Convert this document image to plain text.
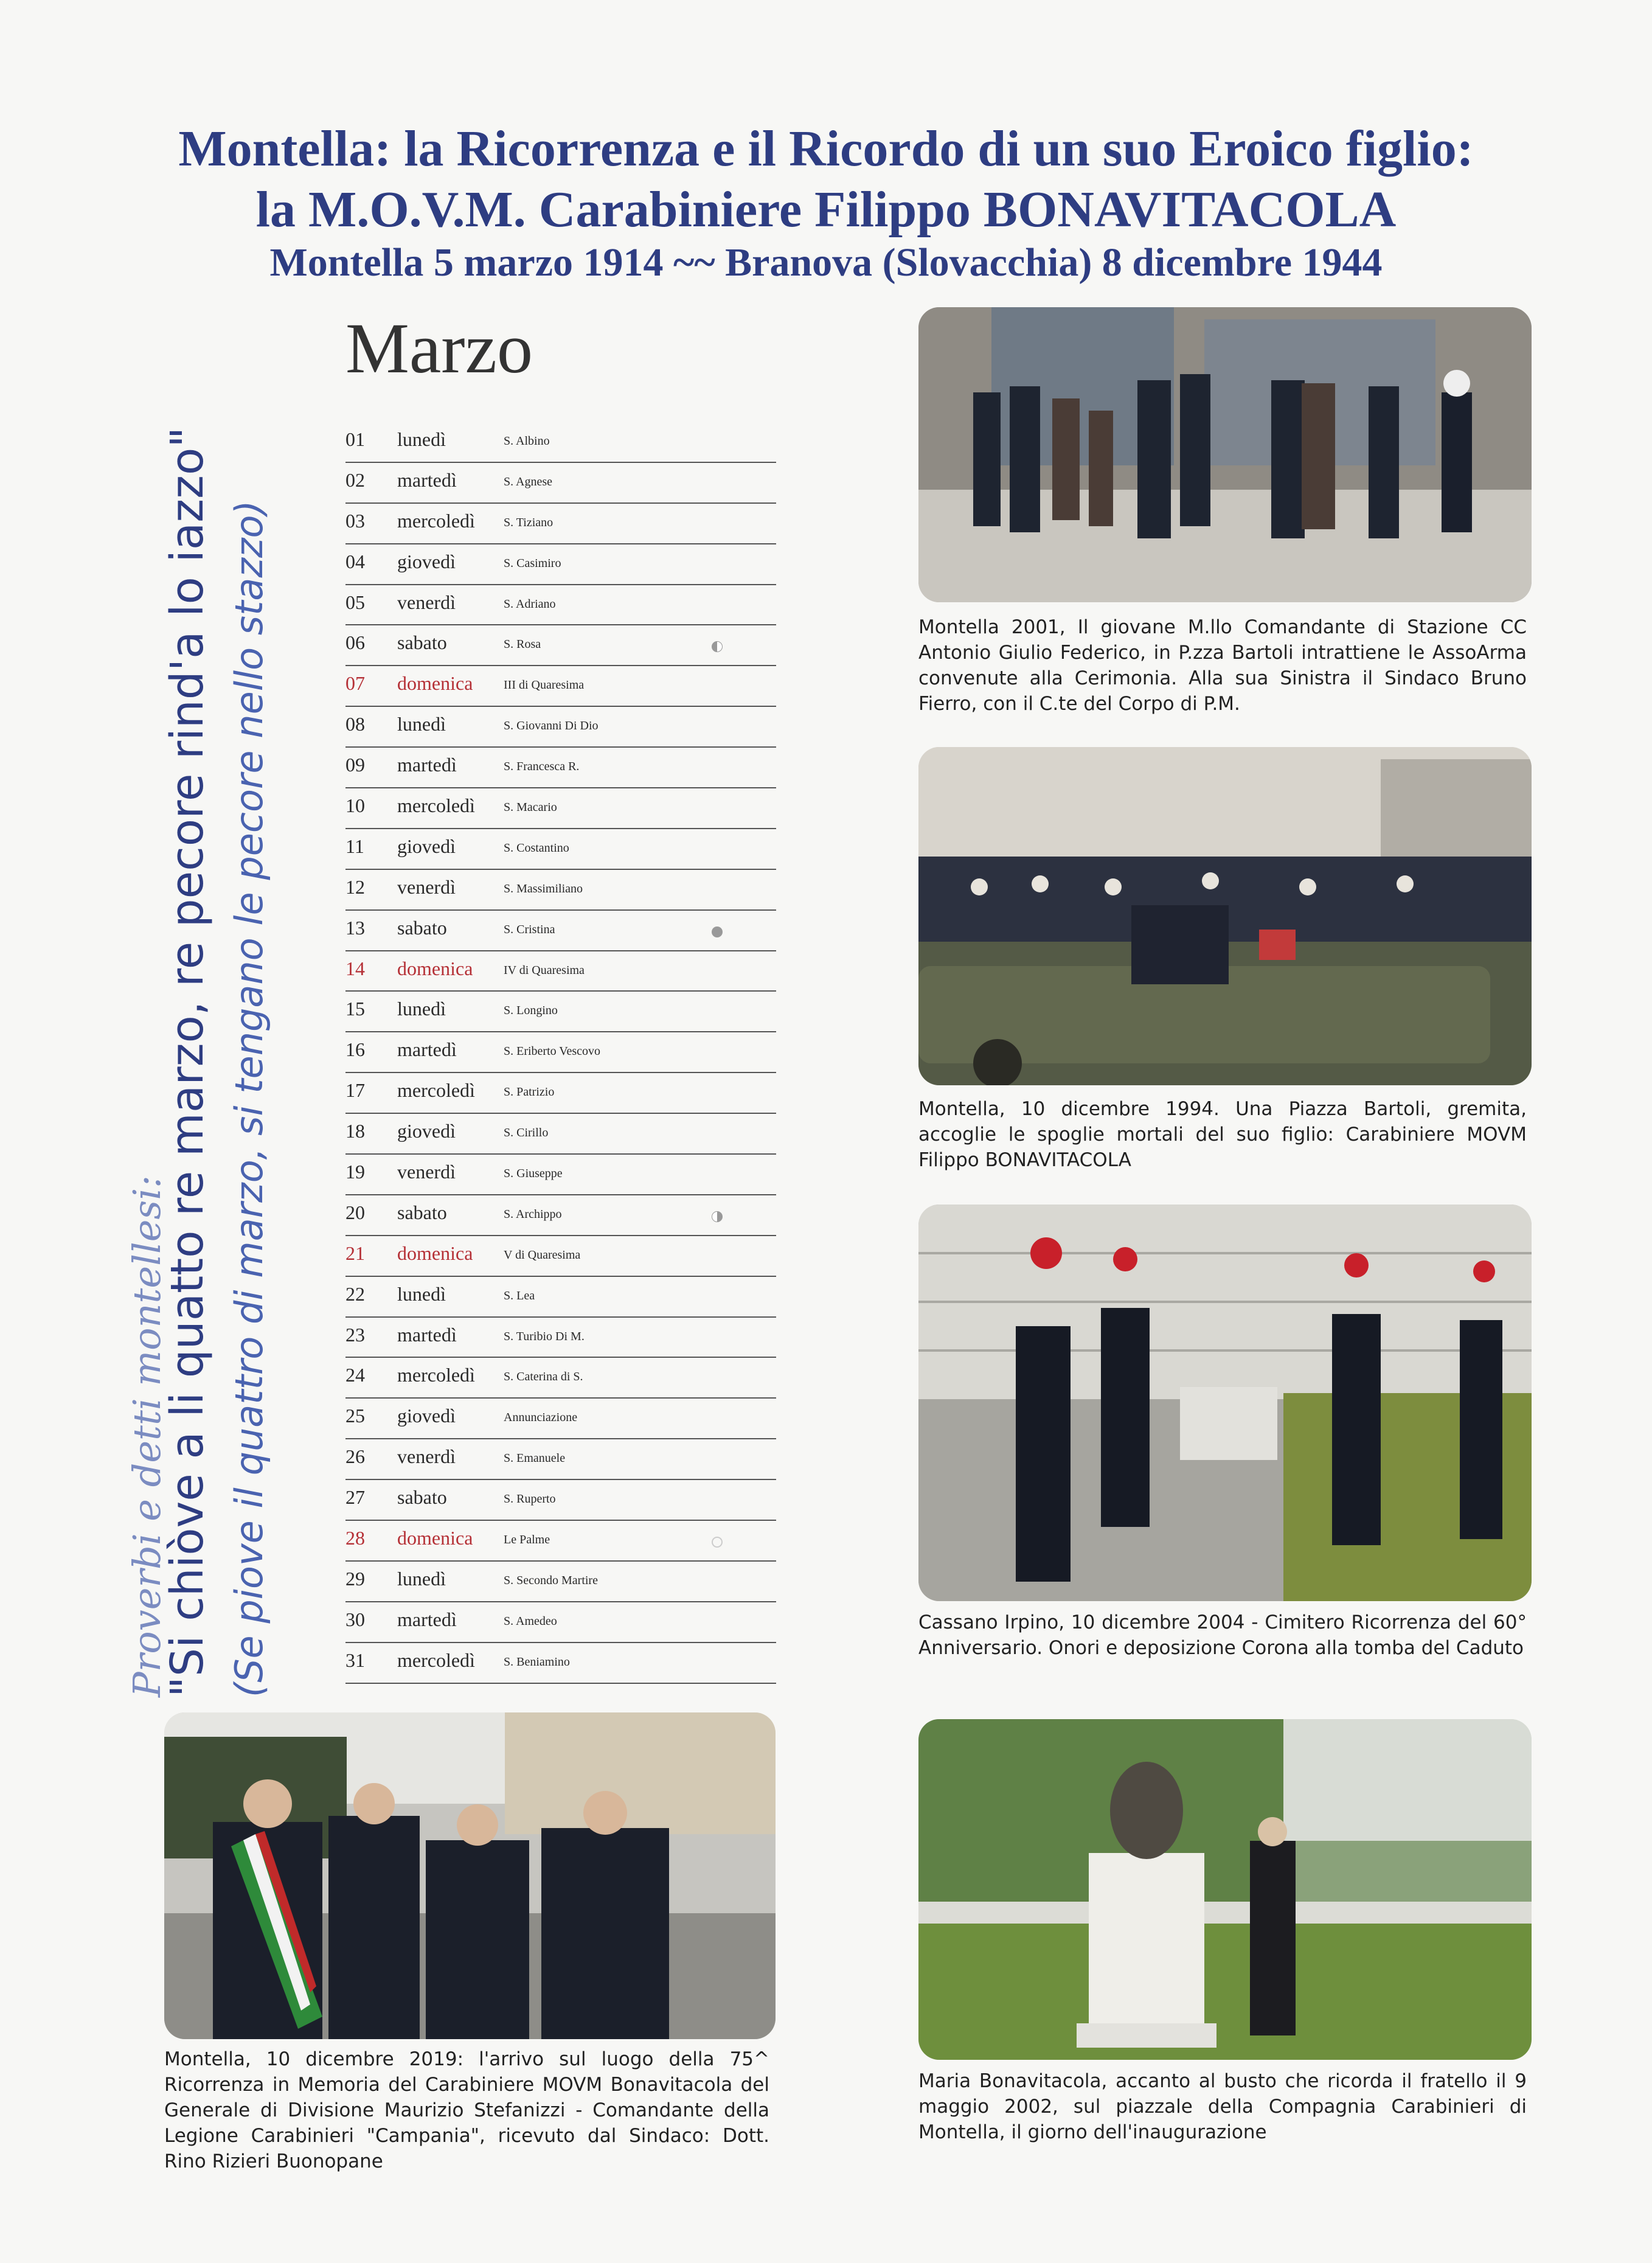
Montella: la Ricorrenza e il Ricordo di un suo Eroico figlio:
la M.O.V.M. Carabiniere Filippo BONAVITACOLA
Montella 5 marzo 1914 ~~ Branova (Slovacchia) 8 dicembre 1944
Marzo
01 lunedì	S. Albino
02 martedì	S. Agnese
03 mercoledì S. Tiziano
04 giovedì	S. Casimiro
05 venerdì	S. Adriano
06 sabato	S. Rosa
07 domenica	III di Quaresima
08 lunedì	S. Giovanni Di Dio
09 martedì	S. Francesca R.
10 mercoledì S. Macario
11 giovedì	S. Costantino
12 venerdì	S. Massimiliano
13 sabato	S. Cristina
14 domenica	IV di Quaresima
15 lunedì	S. Longino
16 martedì	S. Eriberto Vescovo
17 mercoledì S. Patrizio
18 giovedì	S. Cirillo
19 venerdì	S. Giuseppe
20 sabato	S. Archippo
21 domenica	V di Quaresima
22 lunedì	S. Lea
23 martedì	S. Turibio Di M.
24 mercoledì S. Caterina di S.
25 giovedì	Annunciazione
26 venerdì	S. Emanuele
27 sabato	S. Ruperto
28 domenica	Le Palme
29 lunedì	S. Secondo Martire
30 martedì	S. Amedeo
31 mercoledì S. Beniamino
Proverbi e detti montellesi:
"Si chiòve a li quatto re marzo, re pecore rind'a lo iazzo" (Se piove il quattro di marzo, si tengano le pecore nello stazzo)	Montella 2001, Il giovane M.llo Comandante di Stazione CC Antonio Giulio Federico, in P.zza Bartoli intrattiene le AssoArma convenute alla Cerimonia. Alla sua Sinistra il Sindaco Bruno Fierro, con il C.te del Corpo di P.M.
Montella, 10 dicembre 1994. Una Piazza Bartoli, gremita, accoglie le spoglie mortali del suo figlio: Carabiniere MOVM Filippo BONAVITACOLA
Cassano Irpino, 10 dicembre 2004 - Cimitero Ricorrenza del 60° Anniversario. Onori e deposizione Corona alla tomba del Caduto
Maria Bonavitacola, accanto al busto che ricorda il fratello il 9 maggio 2002, sul piazzale della Compagnia Carabinieri di Montella, il giorno dell'inaugurazione
Montella, 10 dicembre 2019: l'arrivo sul luogo della 75^ Ricorrenza in Memoria del Carabiniere MOVM Bonavitacola del Generale di Divisione Maurizio Stefanizzi - Comandante della Legione Carabinieri "Campania", ricevuto dal Sindaco: Dott. Rino Rizieri Buonopane
